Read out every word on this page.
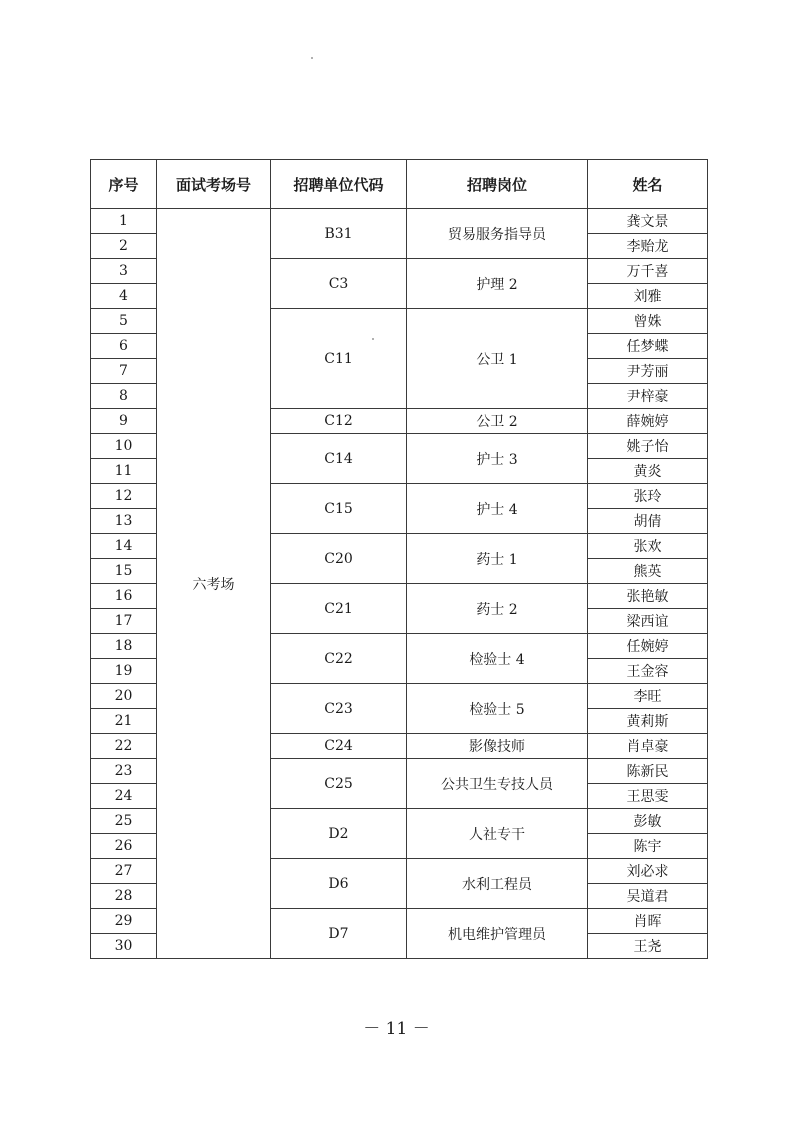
序号	面试考场号	招聘单位代码	招聘岗位	姓名
1	六考场	B31	贸易服务指导员	龚文景
2				李贻龙
3		C3	护理 2	万千喜
4				刘雅
5		C11	公卫 1	曾姝
6				任梦蝶
7				尹芳丽
8				尹梓豪
9		C12	公卫 2	薛婉婷
10		C14	护士 3	姚子怡
11				黄炎
12		C15	护士 4	张玲
13				胡倩
14		C20	药士 1	张欢
15				熊英
16		C21	药士 2	张艳敏
17				梁西谊
18		C22	检验士 4	任婉婷
19				王金容
20		C23	检验士 5	李旺
21				黄莉斯
22		C24	影像技师	肖卓豪
23		C25	公共卫生专技人员	陈新民
24				王思雯
25		D2	人社专干	彭敏
26				陈宇
27		D6	水利工程员	刘必求
28				吴道君
29		D7	机电维护管理员	肖晖
30				王尧
－ 11 －
